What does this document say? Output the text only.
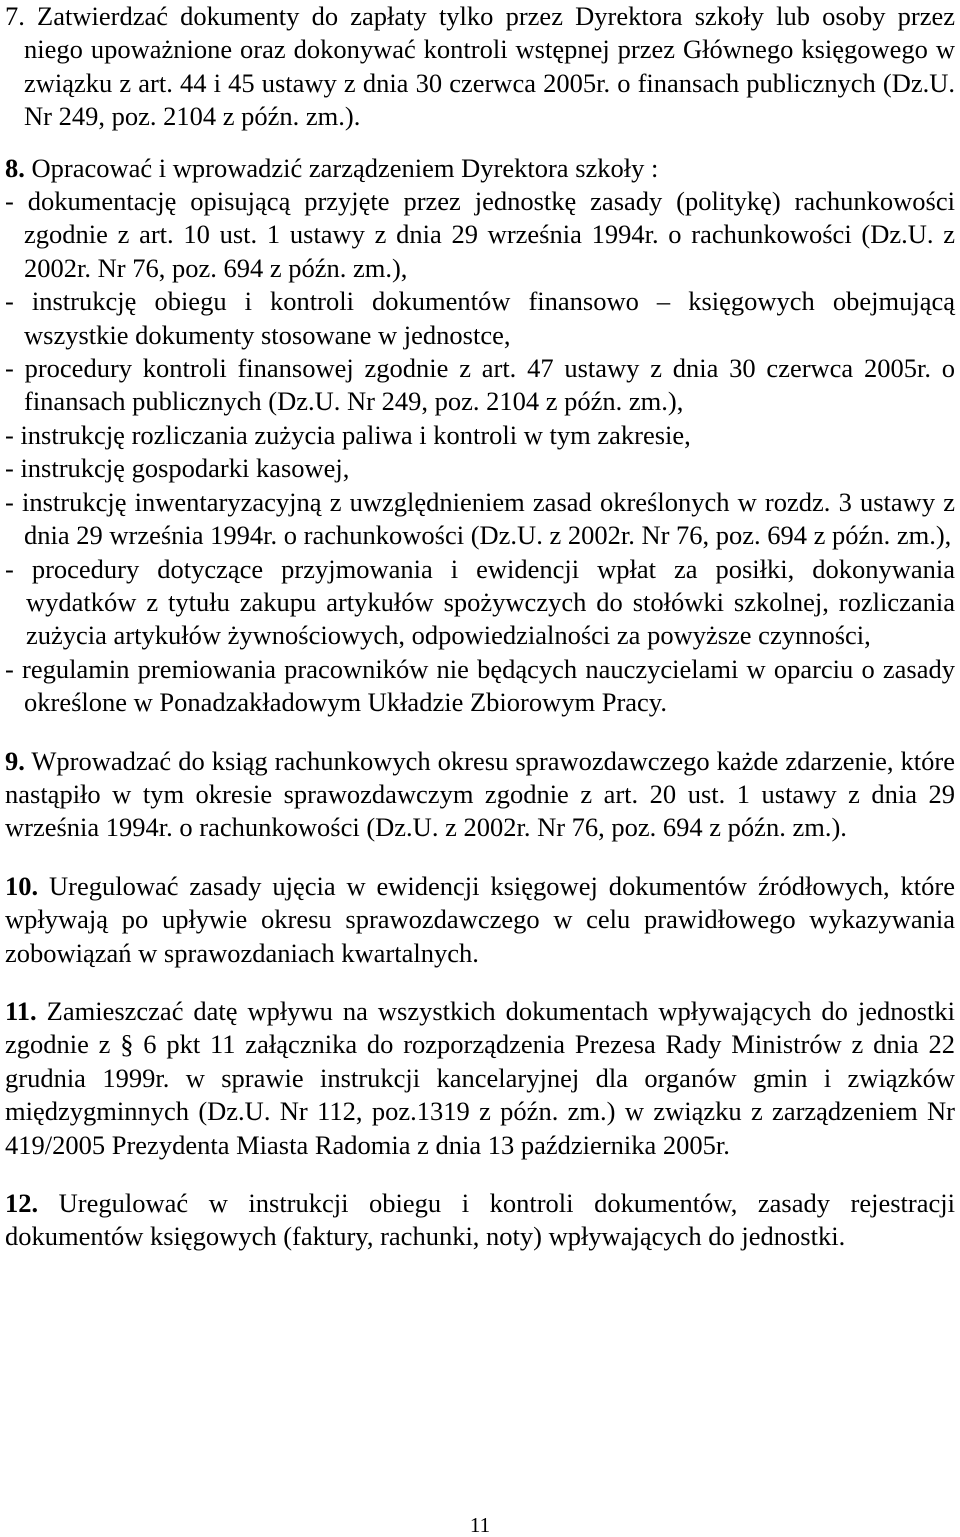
7. Zatwierdzać dokumenty do zapłaty tylko przez Dyrektora szkoły lub osoby przez niego upoważnione oraz dokonywać kontroli wstępnej przez Głównego księgowego w związku z art. 44 i 45 ustawy z dnia 30 czerwca 2005r. o finansach publicznych (Dz.U. Nr 249, poz. 2104 z późn. zm.).

8. Opracować i wprowadzić zarządzeniem Dyrektora szkoły :

- dokumentację opisującą przyjęte przez jednostkę zasady (politykę) rachunkowości zgodnie z art. 10 ust. 1 ustawy z dnia 29 września 1994r. o rachunkowości (Dz.U. z 2002r. Nr 76, poz. 694 z późn. zm.),

- instrukcję obiegu i kontroli dokumentów finansowo – księgowych obejmującą wszystkie dokumenty stosowane w jednostce,

- procedury kontroli finansowej zgodnie z art. 47 ustawy z dnia 30 czerwca 2005r. o finansach publicznych (Dz.U. Nr 249, poz. 2104 z późn. zm.),

- instrukcję rozliczania zużycia paliwa i kontroli w tym zakresie,

- instrukcję gospodarki kasowej,

- instrukcję inwentaryzacyjną z uwzględnieniem zasad określonych w rozdz. 3 ustawy z dnia 29 września 1994r. o rachunkowości (Dz.U. z 2002r. Nr 76, poz. 694 z późn. zm.),

- procedury dotyczące przyjmowania i ewidencji wpłat za posiłki, dokonywania wydatków z tytułu zakupu artykułów spożywczych do stołówki szkolnej, rozliczania zużycia artykułów żywnościowych, odpowiedzialności za powyższe czynności,

- regulamin premiowania pracowników nie będących nauczycielami w oparciu o zasady określone w Ponadzakładowym Układzie Zbiorowym Pracy.

9. Wprowadzać do ksiąg rachunkowych okresu sprawozdawczego każde zdarzenie, które nastąpiło w tym okresie sprawozdawczym zgodnie z art. 20 ust. 1 ustawy z dnia 29 września 1994r. o rachunkowości (Dz.U. z 2002r. Nr 76, poz. 694 z późn. zm.).

10. Uregulować zasady ujęcia w ewidencji księgowej dokumentów źródłowych, które wpływają po upływie okresu sprawozdawczego w celu prawidłowego wykazywania zobowiązań w sprawozdaniach kwartalnych.

11. Zamieszczać datę wpływu na wszystkich dokumentach wpływających do jednostki zgodnie z § 6 pkt 11 załącznika do rozporządzenia Prezesa Rady Ministrów z dnia 22 grudnia 1999r. w sprawie instrukcji kancelaryjnej dla organów gmin i związków międzygminnych (Dz.U. Nr 112, poz.1319 z późn. zm.) w związku z zarządzeniem Nr 419/2005 Prezydenta Miasta Radomia z dnia 13 października 2005r.

12. Uregulować w instrukcji obiegu i kontroli dokumentów, zasady rejestracji dokumentów księgowych (faktury, rachunki, noty) wpływających do jednostki.

11
